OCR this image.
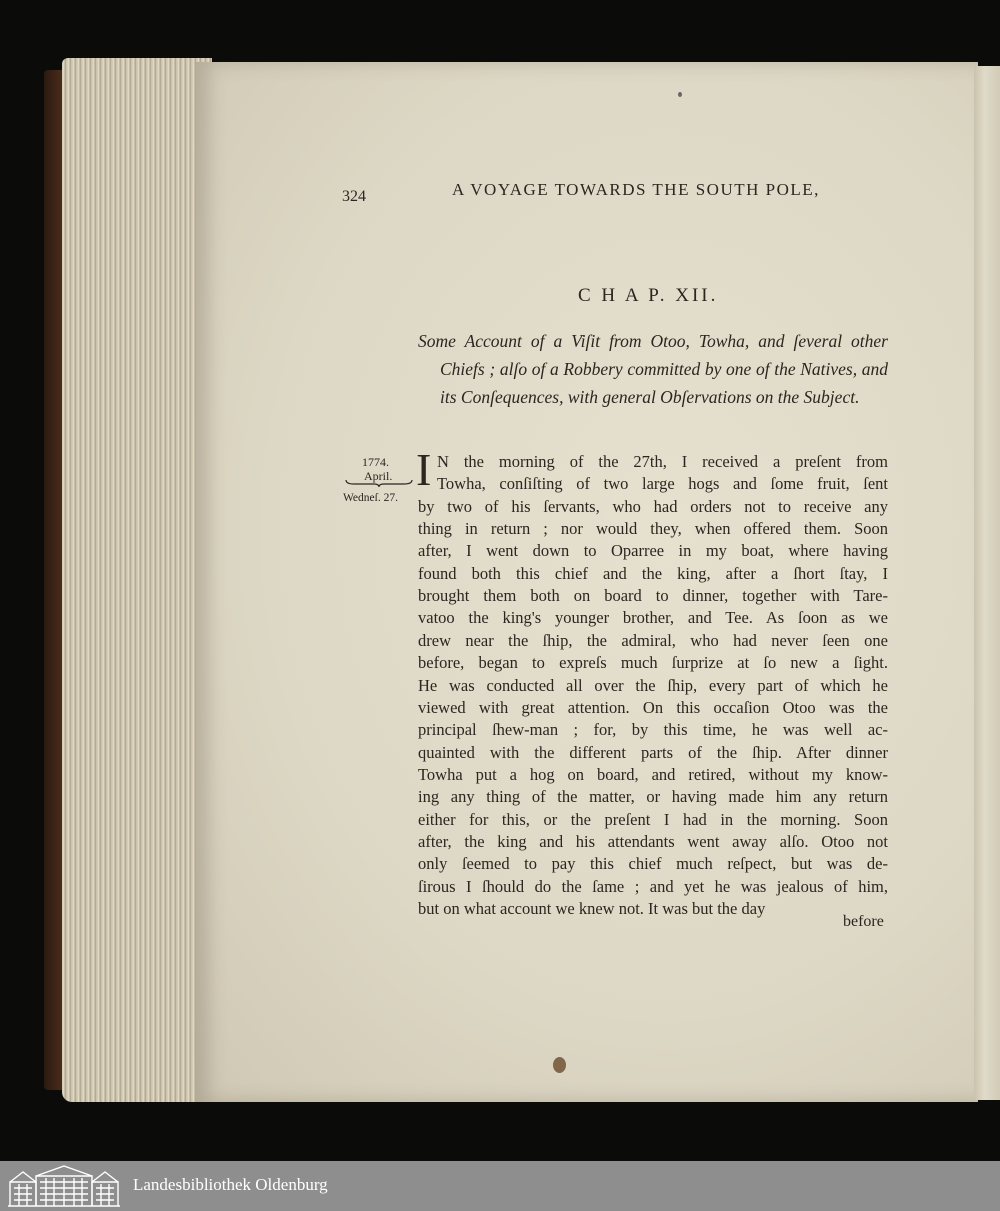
324	A VOYAGE TOWARDS THE SOUTH POLE,
C H A P. XII.
Some Account of a Viſit from Otoo, Towha, and ſeveral other Chiefs ; alſo of a Robbery committed by one of the Natives, and its Conſequences, with general Obſervations on the Subject.
1774.
April.
Wedneſ. 27.
I N the morning of the 27th, I received a preſent from
Towha, conſiſting of two large hogs and ſome fruit, ſent
by two of his ſervants, who had orders not to receive any
thing in return ; nor would they, when offered them. Soon
after, I went down to Oparree in my boat, where having
found both this chief and the king, after a ſhort ſtay, I
brought them both on board to dinner, together with Tare-
vatoo the king's younger brother, and Tee. As ſoon as we
drew near the ſhip, the admiral, who had never ſeen one
before, began to expreſs much ſurprize at ſo new a ſight.
He was conducted all over the ſhip, every part of which he
viewed with great attention. On this occaſion Otoo was the
principal ſhew-man ; for, by this time, he was well ac-
quainted with the different parts of the ſhip. After dinner
Towha put a hog on board, and retired, without my know-
ing any thing of the matter, or having made him any return
either for this, or the preſent I had in the morning. Soon
after, the king and his attendants went away alſo. Otoo not
only ſeemed to pay this chief much reſpect, but was de-
ſirous I ſhould do the ſame ; and yet he was jealous of him,
but on what account we knew not. It was but the day
before
Landesbibliothek Oldenburg
